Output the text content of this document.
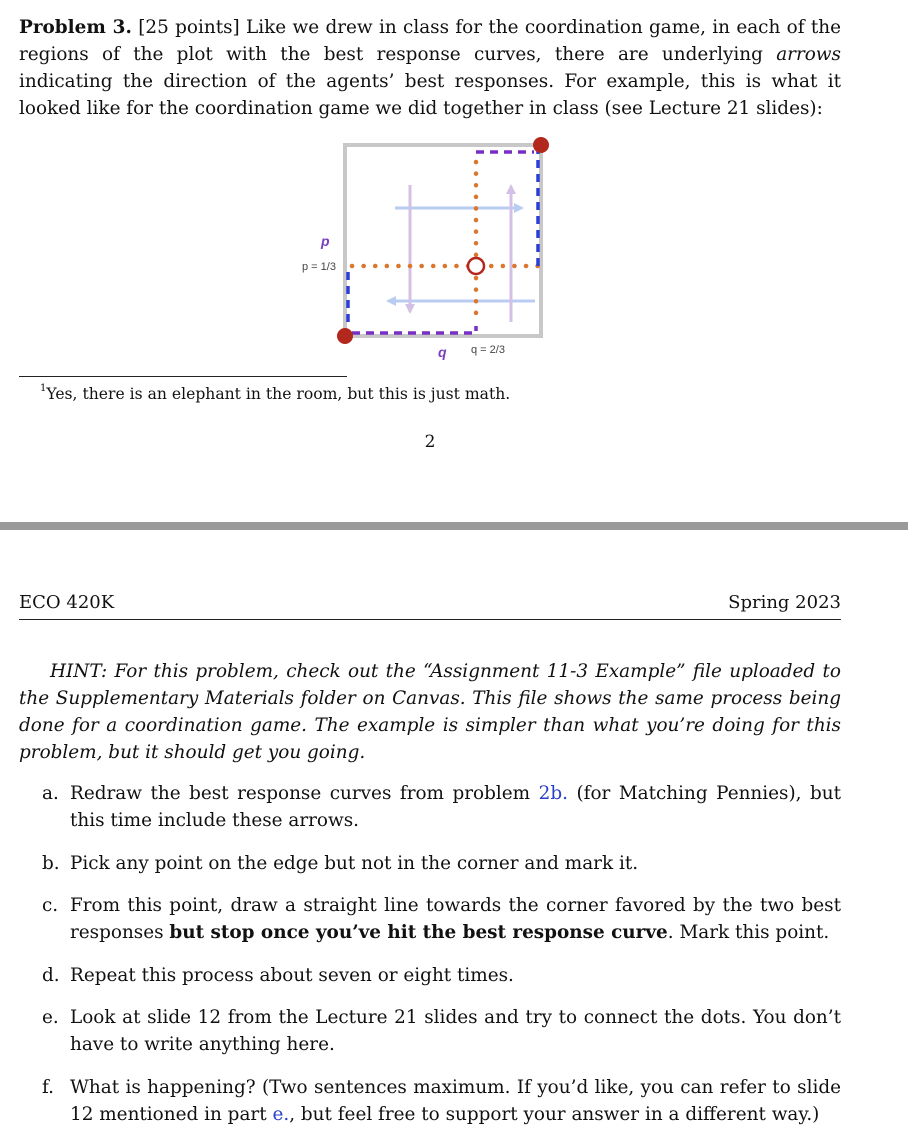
Problem 3. [25 points] Like we drew in class for the coordination game, in each of the regions of the plot with the best response curves, there are underlying arrows indicating the direction of the agents’ best responses. For example, this is what it looked like for the coordination game we did together in class (see Lecture 21 slides):
p
p = 1/3
q q = 2/3
$^1$Yes, there is an elephant in the room, but this is just math.
2
ECO 420K	Spring 2023
HINT: For this problem, check out the “Assignment 11-3 Example” file uploaded to the Supplementary Materials folder on Canvas. This file shows the same process being done for a coordination game. The example is simpler than what you’re doing for this problem, but it should get you going.
a. Redraw the best response curves from problem 2b. (for Matching Pennies), but this time include these arrows.
b. Pick any point on the edge but not in the corner and mark it.
c. From this point, draw a straight line towards the corner favored by the two best responses but stop once you’ve hit the best response curve. Mark this point.
d. Repeat this process about seven or eight times.
e. Look at slide 12 from the Lecture 21 slides and try to connect the dots. You don’t have to write anything here.
f. What is happening? (Two sentences maximum. If you’d like, you can refer to slide 12 mentioned in part e., but feel free to support your answer in a different way.)
